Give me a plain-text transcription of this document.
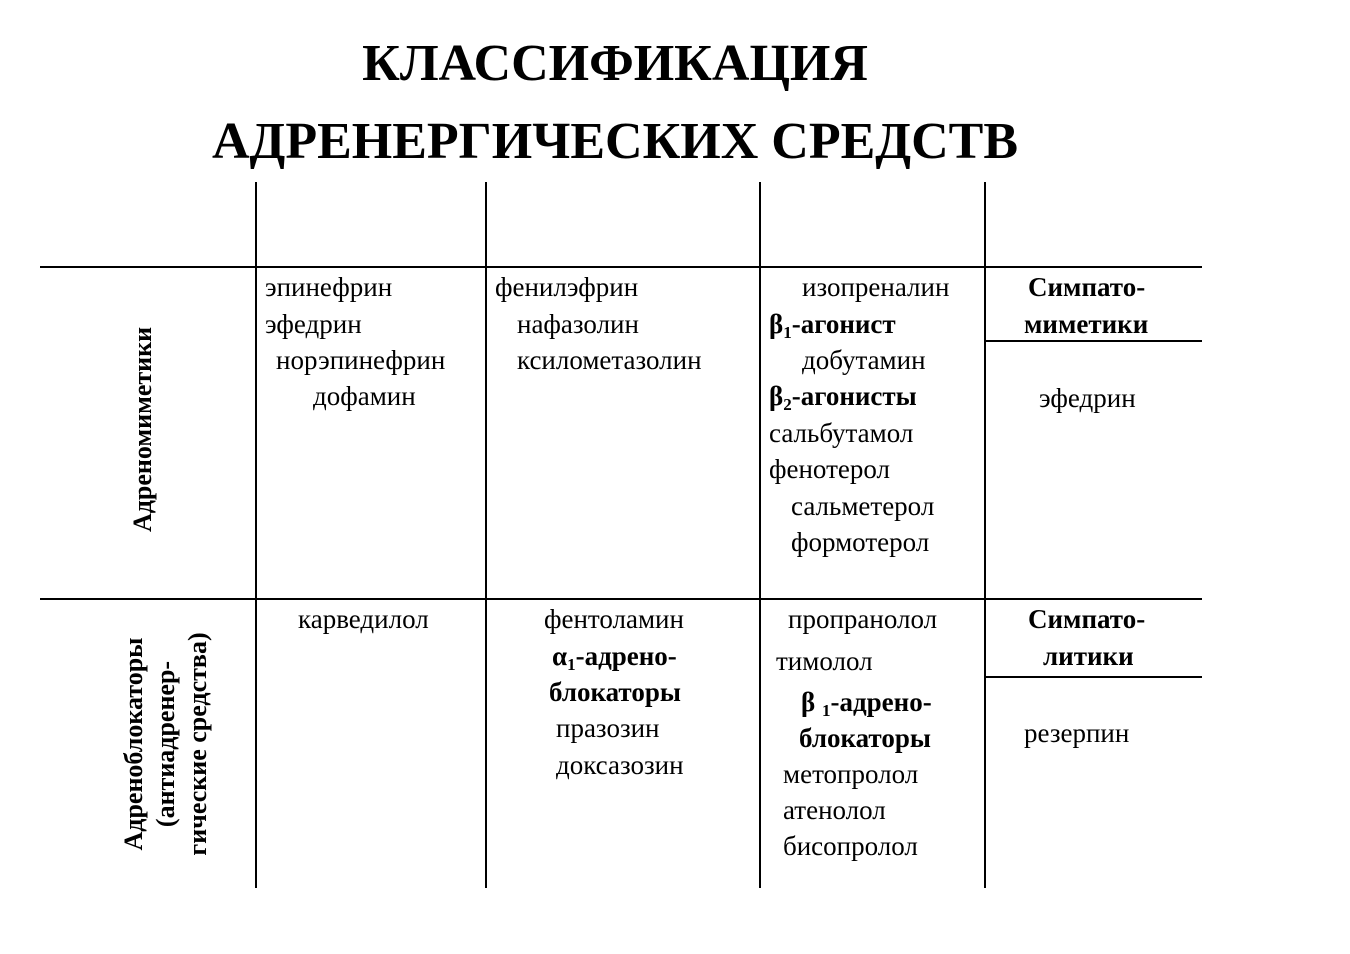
КЛАССИФИКАЦИЯ
АДРЕНЕРГИЧЕСКИХ СРЕДСТВ
Адреномиметики
Адреноблокаторы (антиадренер- гические средства)
эпинефрин
эфедрин
норэпинефрин
дофамин
фенилэфрин
нафазолин
ксилометазолин
изопреналин
$\beta_1$-агонист
добутамин
$\beta_2$-агонисты
сальбутамол
фенотерол
сальметерол
формотерол
Симпато-
миметики
эфедрин
карведилол	фентоламин
$\alpha_1-адрено-$
блокаторы
празозин
доксазозин
пропранолол
тимолол
β $_1$-адрено-
блокаторы
метопролол
атенолол
бисопролол
Симпато-
литики
резерпин
